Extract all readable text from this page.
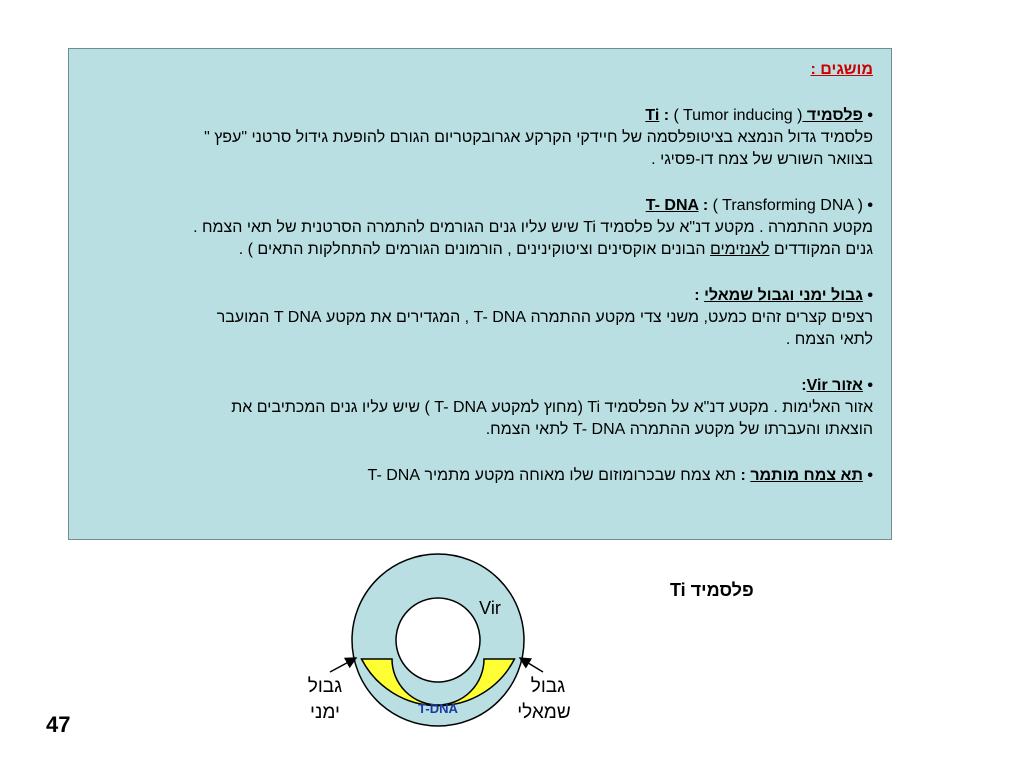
מושגים :
• פלסמיד Ti : ( Tumor inducing )
פלסמיד גדול הנמצא בציטופלסמה של חיידקי הקרקע אגרובקטריום הגורם להופעת גידול סרטני "עפץ "
בצוואר השורש של צמח דו-פסיגי .
• T- DNA : ( Transforming DNA )
מקטע ההתמרה . מקטע דנ"א על פלסמיד Ti שיש עליו גנים הגורמים להתמרה הסרטנית של תאי הצמח .
גנים המקודדים לאנזימים הבונים אוקסינים וציטוקינינים , הורמונים הגורמים להתחלקות התאים ) .
• גבול ימני וגבול שמאלי :
רצפים קצרים זהים כמעט, משני צדי מקטע ההתמרה T- DNA , המגדירים את מקטע T DNA המועבר
לתאי הצמח .
• אזור Vir:
אזור האלימות . מקטע דנ"א על הפלסמיד Ti (מחוץ למקטע T- DNA ) שיש עליו גנים המכתיבים את
הוצאתו והעברתו של מקטע ההתמרה T- DNA לתאי הצמח.
• תא צמח מותמר : תא צמח שבכרומוזום שלו מאוחה מקטע מתמיר T- DNA
פלסמיד Ti
Vir
T-DNA
גבול
שמאלי
גבול
ימני
47
